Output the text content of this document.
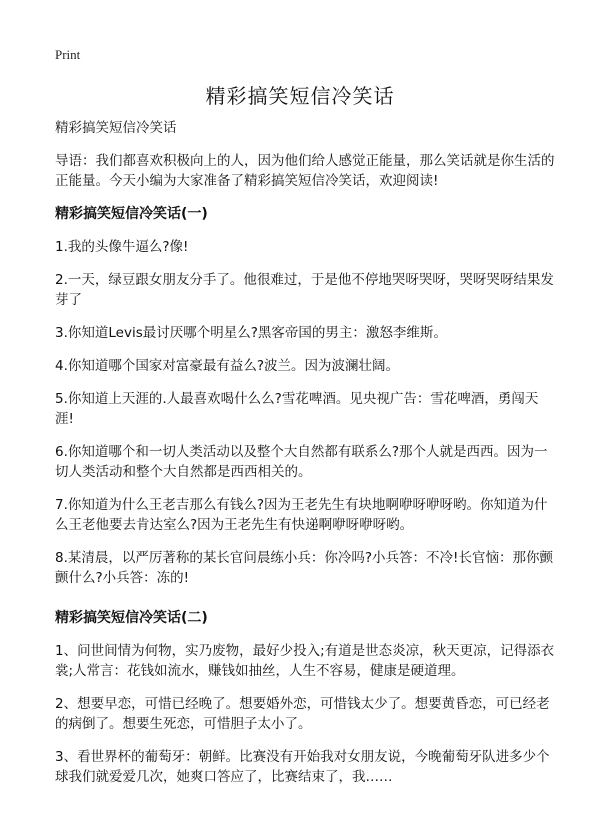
Print
精彩搞笑短信冷笑话

精彩搞笑短信冷笑话

导语：我们都喜欢积极向上的人，因为他们给人感觉正能量，那么笑话就是你生活的正能量。今天小编为大家准备了精彩搞笑短信冷笑话，欢迎阅读!

精彩搞笑短信冷笑话(一)

1.我的头像牛逼么?像!

2.一天，绿豆跟女朋友分手了。他很难过，于是他不停地哭呀哭呀，哭呀哭呀结果发芽了

3.你知道Levis最讨厌哪个明星么?黑客帝国的男主：激怒李维斯。

4.你知道哪个国家对富豪最有益么?波兰。因为波澜壮阔。

5.你知道上天涯的.人最喜欢喝什么么?雪花啤酒。见央视广告：雪花啤酒，勇闯天涯!

6.你知道哪个和一切人类活动以及整个大自然都有联系么?那个人就是西西。因为一切人类活动和整个大自然都是西西相关的。

7.你知道为什么王老吉那么有钱么?因为王老先生有块地啊咿呀咿呀哟。你知道为什么王老他要去肯达室么?因为王老先生有快递啊咿呀咿呀哟。

8.某清晨，以严厉著称的某长官问晨练小兵：你冷吗?小兵答：不冷!长官恼：那你颤颤什么?小兵答：冻的!

精彩搞笑短信冷笑话(二)

1、问世间情为何物，实乃废物，最好少投入;有道是世态炎凉，秋天更凉，记得添衣裳;人常言：花钱如流水，赚钱如抽丝，人生不容易，健康是硬道理。

2、想要早恋，可惜已经晚了。想要婚外恋，可惜钱太少了。想要黄昏恋，可已经老的病倒了。想要生死恋，可惜胆子太小了。

3、看世界杯的葡萄牙：朝鲜。比赛没有开始我对女朋友说，今晚葡萄牙队进多少个球我们就爱爱几次，她爽口答应了，比赛结束了，我……
